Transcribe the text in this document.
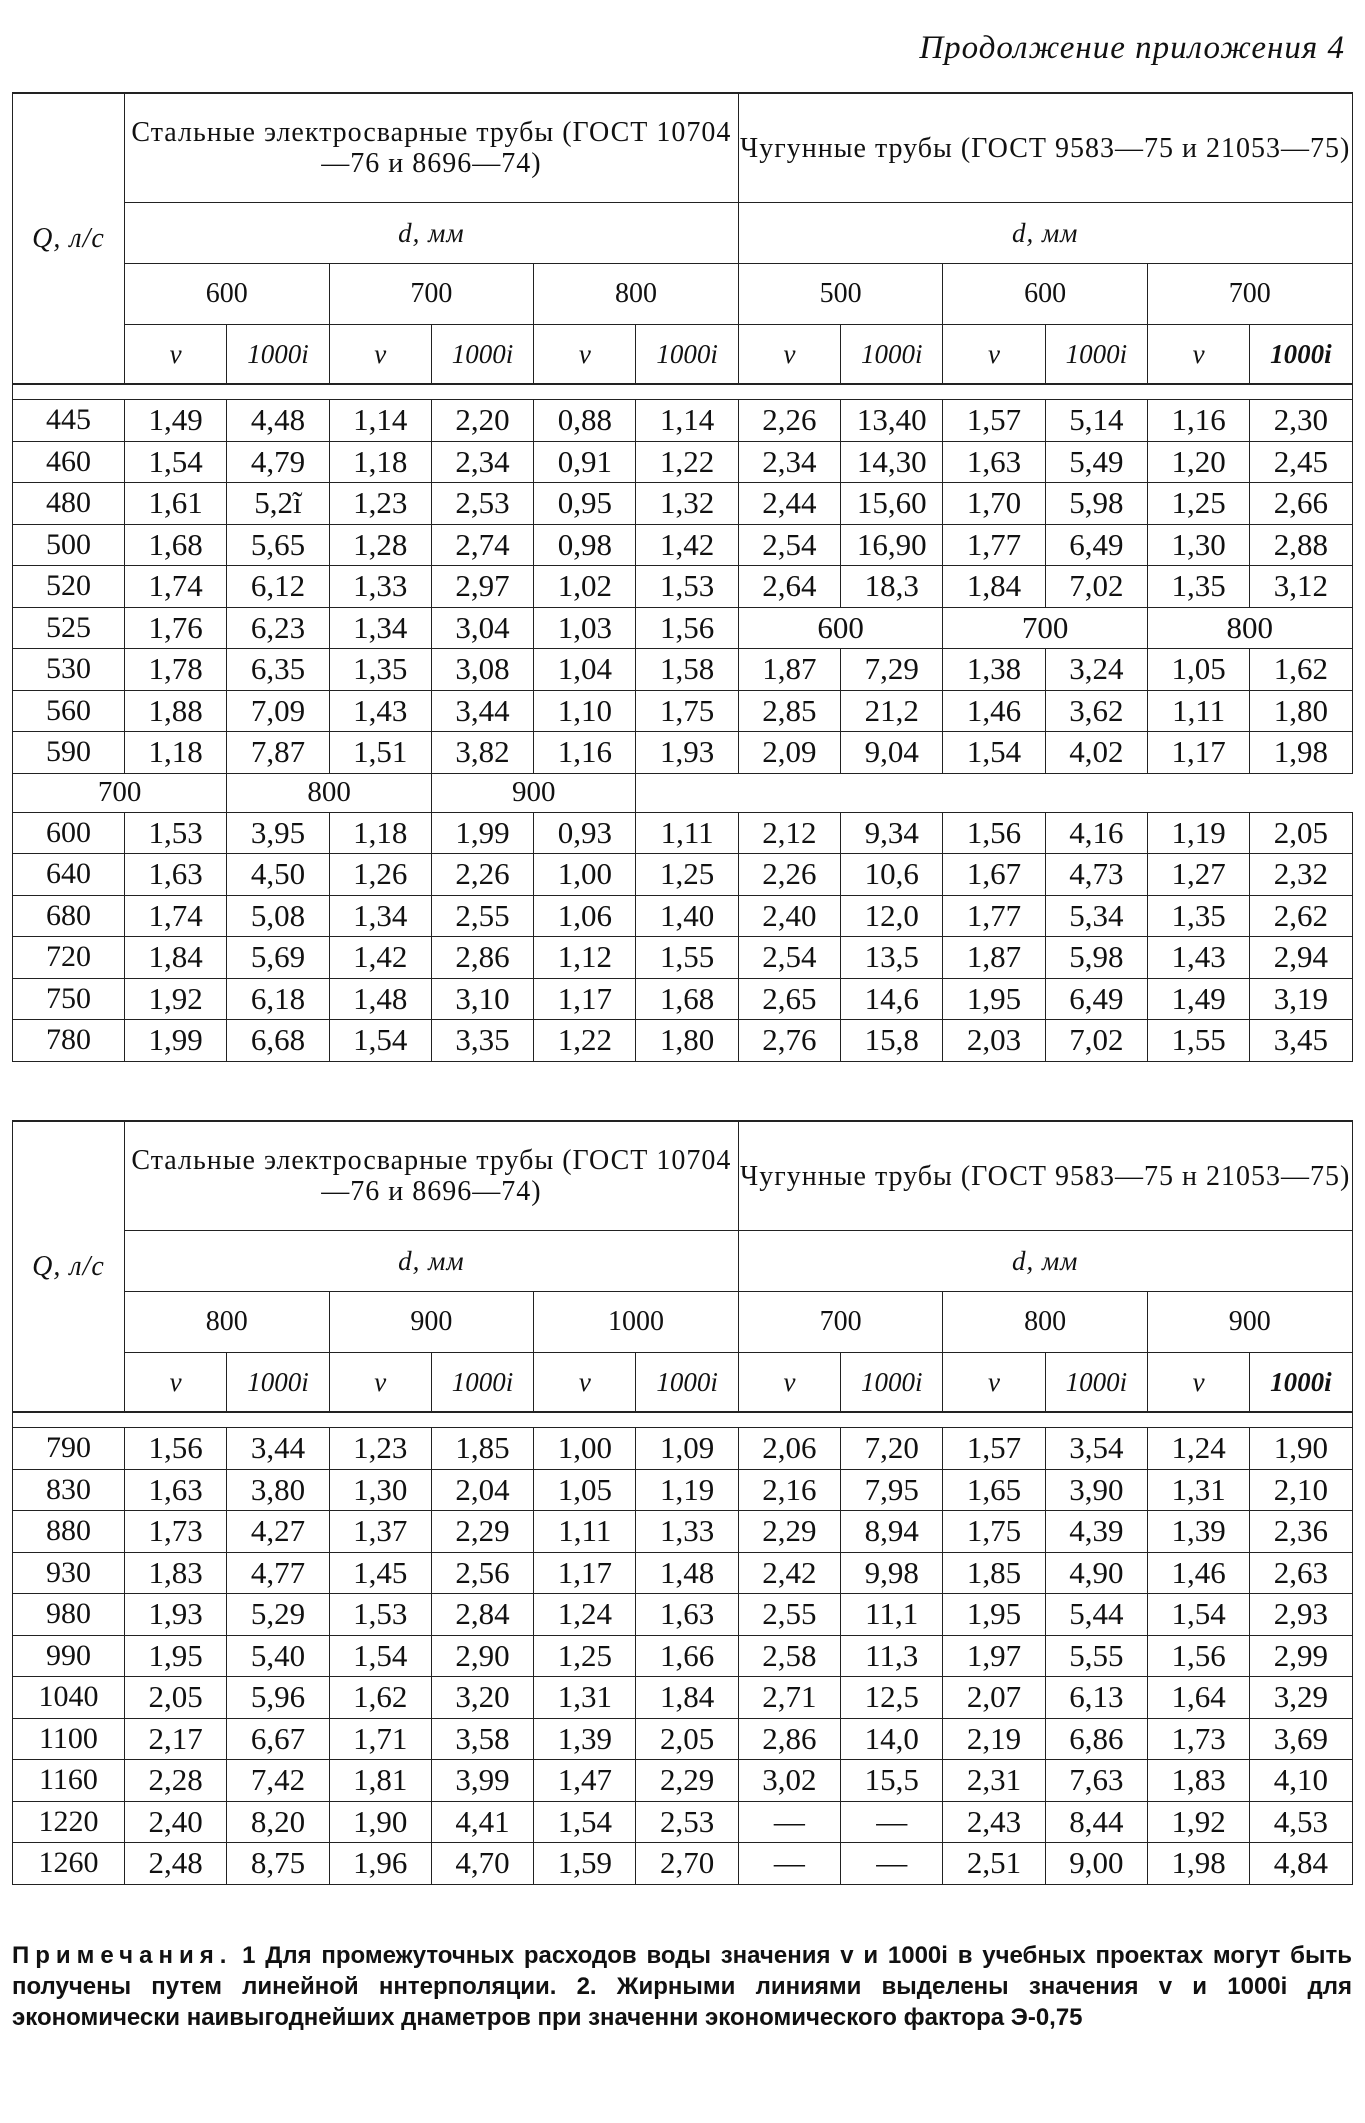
Продолжение приложения 4
Q, л/с	Стальные электросварные трубы (ГОСТ 10704—76 и 8696—74)						Чугунные трубы (ГОСТ 9583—75 и 21053—75)					
	d, мм						d, мм					
	600		700		800		500		600		700	
	v	1000i	v	1000i	v	1000i	v	1000i	v	1000i	v	1000i

445	1,49	4,48	1,14	2,20	0,88	1,14	2,26	13,40	1,57	5,14	1,16	2,30
460	1,54	4,79	1,18	2,34	0,91	1,22	2,34	14,30	1,63	5,49	1,20	2,45
480	1,61	5,2ĩ	1,23	2,53	0,95	1,32	2,44	15,60	1,70	5,98	1,25	2,66
500	1,68	5,65	1,28	2,74	0,98	1,42	2,54	16,90	1,77	6,49	1,30	2,88
520	1,74	6,12	1,33	2,97	1,02	1,53	2,64	18,3	1,84	7,02	1,35	3,12
525	1,76	6,23	1,34	3,04	1,03	1,56	600		700		800	
530	1,78	6,35	1,35	3,08	1,04	1,58	1,87	7,29	1,38	3,24	1,05	1,62
560	1,88	7,09	1,43	3,44	1,10	1,75	2,85	21,2	1,46	3,62	1,11	1,80
590	1,18	7,87	1,51	3,82	1,16	1,93	2,09	9,04	1,54	4,02	1,17	1,98
700		800		900								
600	1,53	3,95	1,18	1,99	0,93	1,11	2,12	9,34	1,56	4,16	1,19	2,05
640	1,63	4,50	1,26	2,26	1,00	1,25	2,26	10,6	1,67	4,73	1,27	2,32
680	1,74	5,08	1,34	2,55	1,06	1,40	2,40	12,0	1,77	5,34	1,35	2,62
720	1,84	5,69	1,42	2,86	1,12	1,55	2,54	13,5	1,87	5,98	1,43	2,94
750	1,92	6,18	1,48	3,10	1,17	1,68	2,65	14,6	1,95	6,49	1,49	3,19
780	1,99	6,68	1,54	3,35	1,22	1,80	2,76	15,8	2,03	7,02	1,55	3,45
Q, л/с	Стальные электросварные трубы (ГОСТ 10704—76 и 8696—74)						Чугунные трубы (ГОСТ 9583—75 н 21053—75)					
	d, мм						d, мм					
	800		900		1000		700		800		900	
	v	1000i	v	1000i	v	1000i	v	1000i	v	1000i	v	1000i

790	1,56	3,44	1,23	1,85	1,00	1,09	2,06	7,20	1,57	3,54	1,24	1,90
830	1,63	3,80	1,30	2,04	1,05	1,19	2,16	7,95	1,65	3,90	1,31	2,10
880	1,73	4,27	1,37	2,29	1,11	1,33	2,29	8,94	1,75	4,39	1,39	2,36
930	1,83	4,77	1,45	2,56	1,17	1,48	2,42	9,98	1,85	4,90	1,46	2,63
980	1,93	5,29	1,53	2,84	1,24	1,63	2,55	11,1	1,95	5,44	1,54	2,93
990	1,95	5,40	1,54	2,90	1,25	1,66	2,58	11,3	1,97	5,55	1,56	2,99
1040	2,05	5,96	1,62	3,20	1,31	1,84	2,71	12,5	2,07	6,13	1,64	3,29
1100	2,17	6,67	1,71	3,58	1,39	2,05	2,86	14,0	2,19	6,86	1,73	3,69
1160	2,28	7,42	1,81	3,99	1,47	2,29	3,02	15,5	2,31	7,63	1,83	4,10
1220	2,40	8,20	1,90	4,41	1,54	2,53	—	—	2,43	8,44	1,92	4,53
1260	2,48	8,75	1,96	4,70	1,59	2,70	—	—	2,51	9,00	1,98	4,84
Примечания. 1 Для промежуточных расходов воды значения v и 1000i в учебных проектах могут быть получены путем линейной ннтерполяции. 2. Жирными линиями выделены значения v и 1000i для экономически наивыгоднейших днаметров при значенни экономического фактора Э-0,75
